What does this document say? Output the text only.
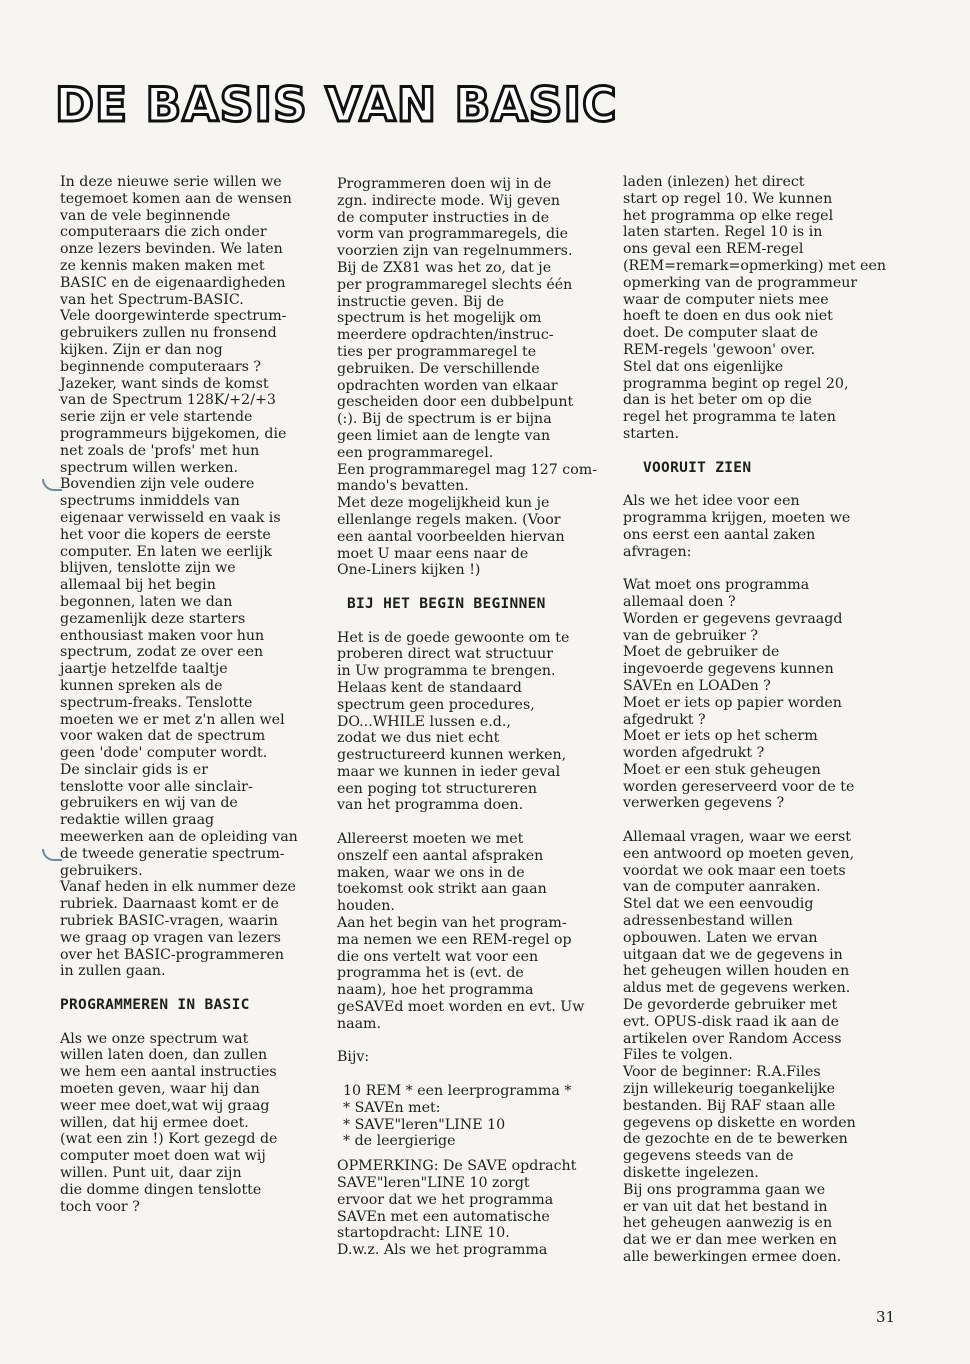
DE BASIS VAN BASIC
In deze nieuwe serie willen we
tegemoet komen aan de wensen
van de vele beginnende
computeraars die zich onder
onze lezers bevinden. We laten
ze kennis maken maken met
BASIC en de eigenaardigheden
van het Spectrum-BASIC.
Vele doorgewinterde spectrum-
gebruikers zullen nu fronsend
kijken. Zijn er dan nog
beginnende computeraars ?
Jazeker, want sinds de komst
van de Spectrum 128K/+2/+3
serie zijn er vele startende
programmeurs bijgekomen, die
net zoals de 'profs' met hun
spectrum willen werken.
Bovendien zijn vele oudere
spectrums inmiddels van
eigenaar verwisseld en vaak is
het voor die kopers de eerste
computer. En laten we eerlijk
blijven, tenslotte zijn we
allemaal bij het begin
begonnen, laten we dan
gezamenlijk deze starters
enthousiast maken voor hun
spectrum, zodat ze over een
jaartje hetzelfde taaltje
kunnen spreken als de
spectrum-freaks. Tenslotte
moeten we er met z'n allen wel
voor waken dat de spectrum
geen 'dode' computer wordt.
De sinclair gids is er
tenslotte voor alle sinclair-
gebruikers en wij van de
redaktie willen graag
meewerken aan de opleiding van
de tweede generatie spectrum-
gebruikers.
Vanaf heden in elk nummer deze
rubriek. Daarnaast komt er de
rubriek BASIC-vragen, waarin
we graag op vragen van lezers
over het BASIC-programmeren
in zullen gaan.
PROGRAMMEREN IN BASIC
Als we onze spectrum wat
willen laten doen, dan zullen
we hem een aantal instructies
moeten geven, waar hij dan
weer mee doet,wat wij graag
willen, dat hij ermee doet.
(wat een zin !) Kort gezegd de
computer moet doen wat wij
willen. Punt uit, daar zijn
die domme dingen tenslotte
toch voor ?
Programmeren doen wij in de
zgn. indirecte mode. Wij geven
de computer instructies in de
vorm van programmaregels, die
voorzien zijn van regelnummers.
Bij de ZX81 was het zo, dat je
per programmaregel slechts één
instructie geven. Bij de
spectrum is het mogelijk om
meerdere opdrachten/instruc-
ties per programmaregel te
gebruiken. De verschillende
opdrachten worden van elkaar
gescheiden door een dubbelpunt
(:). Bij de spectrum is er bijna
geen limiet aan de lengte van
een programmaregel.
Een programmaregel mag 127 com-
mando's bevatten.
Met deze mogelijkheid kun je
ellenlange regels maken. (Voor
een aantal voorbeelden hiervan
moet U maar eens naar de
One-Liners kijken !)
BIJ HET BEGIN BEGINNEN
Het is de goede gewoonte om te
proberen direct wat structuur
in Uw programma te brengen.
Helaas kent de standaard
spectrum geen procedures,
DO...WHILE lussen e.d.,
zodat we dus niet echt
gestructureerd kunnen werken,
maar we kunnen in ieder geval
een poging tot structureren
van het programma doen.
Allereerst moeten we met
onszelf een aantal afspraken
maken, waar we ons in de
toekomst ook strikt aan gaan
houden.
Aan het begin van het program-
ma nemen we een REM-regel op
die ons vertelt wat voor een
programma het is (evt. de
naam), hoe het programma
geSAVEd moet worden en evt. Uw
naam.
Bijv:
10 REM * een leerprogramma *
* SAVEn met:
* SAVE"leren"LINE 10
* de leergierige
OPMERKING: De SAVE opdracht
SAVE"leren"LINE 10 zorgt
ervoor dat we het programma
SAVEn met een automatische
startopdracht: LINE 10.
D.w.z. Als we het programma
laden (inlezen) het direct
start op regel 10. We kunnen
het programma op elke regel
laten starten. Regel 10 is in
ons geval een REM-regel
(REM=remark=opmerking) met een
opmerking van de programmeur
waar de computer niets mee
hoeft te doen en dus ook niet
doet. De computer slaat de
REM-regels 'gewoon' over.
Stel dat ons eigenlijke
programma begint op regel 20,
dan is het beter om op die
regel het programma te laten
starten.
VOORUIT ZIEN
Als we het idee voor een
programma krijgen, moeten we
ons eerst een aantal zaken
afvragen:
Wat moet ons programma
allemaal doen ?
Worden er gegevens gevraagd
van de gebruiker ?
Moet de gebruiker de
ingevoerde gegevens kunnen
SAVEn en LOADen ?
Moet er iets op papier worden
afgedrukt ?
Moet er iets op het scherm
worden afgedrukt ?
Moet er een stuk geheugen
worden gereserveerd voor de te
verwerken gegevens ?
Allemaal vragen, waar we eerst
een antwoord op moeten geven,
voordat we ook maar een toets
van de computer aanraken.
Stel dat we een eenvoudig
adressenbestand willen
opbouwen. Laten we ervan
uitgaan dat we de gegevens in
het geheugen willen houden en
aldus met de gegevens werken.
De gevorderde gebruiker met
evt. OPUS-disk raad ik aan de
artikelen over Random Access
Files te volgen.
Voor de beginner: R.A.Files
zijn willekeurig toegankelijke
bestanden. Bij RAF staan alle
gegevens op diskette en worden
de gezochte en de te bewerken
gegevens steeds van de
diskette ingelezen.
Bij ons programma gaan we
er van uit dat het bestand in
het geheugen aanwezig is en
dat we er dan mee werken en
alle bewerkingen ermee doen.
31
